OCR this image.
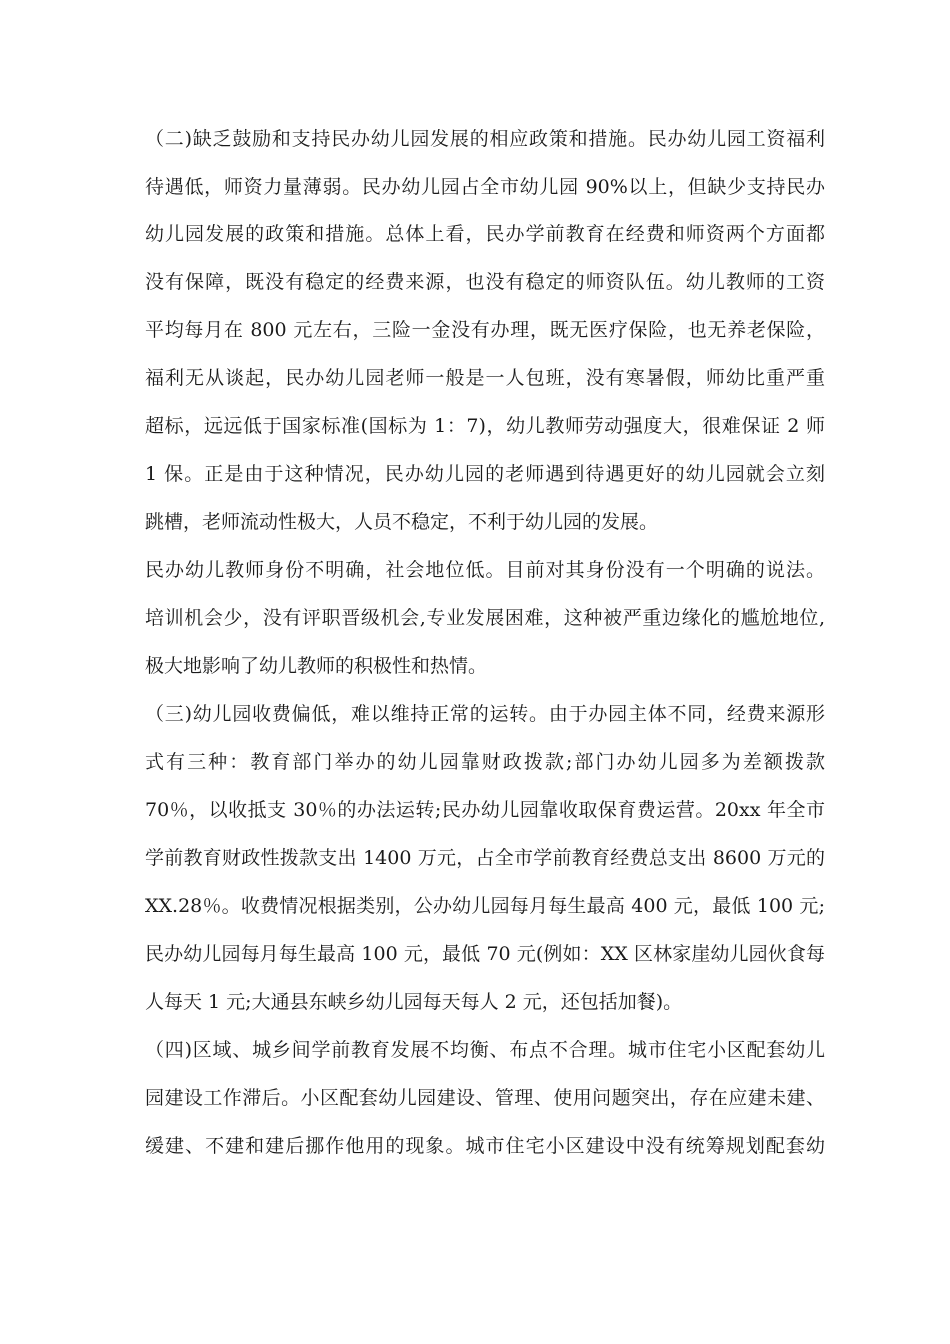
（二)缺乏鼓励和支持民办幼儿园发展的相应政策和措施。民办幼儿园工资福利
待遇低，师资力量薄弱。民办幼儿园占全市幼儿园 90%以上，但缺少支持民办
幼儿园发展的政策和措施。总体上看，民办学前教育在经费和师资两个方面都
没有保障，既没有稳定的经费来源，也没有稳定的师资队伍。幼儿教师的工资
平均每月在 800 元左右，三险一金没有办理，既无医疗保险，也无养老保险，
福利无从谈起，民办幼儿园老师一般是一人包班，没有寒暑假，师幼比重严重
超标，远远低于国家标准(国标为 1：7)，幼儿教师劳动强度大，很难保证 2 师
1 保。正是由于这种情况，民办幼儿园的老师遇到待遇更好的幼儿园就会立刻
跳槽，老师流动性极大，人员不稳定，不利于幼儿园的发展。
民办幼儿教师身份不明确，社会地位低。目前对其身份没有一个明确的说法。
培训机会少，没有评职晋级机会,专业发展困难，这种被严重边缘化的尴尬地位,
极大地影响了幼儿教师的积极性和热情。
（三)幼儿园收费偏低，难以维持正常的运转。由于办园主体不同，经费来源形
式有三种：教育部门举办的幼儿园靠财政拨款;部门办幼儿园多为差额拨款
70％，以收抵支 30％的办法运转;民办幼儿园靠收取保育费运营。20xx 年全市
学前教育财政性拨款支出 1400 万元，占全市学前教育经费总支出 8600 万元的
XX.28％。收费情况根据类别，公办幼儿园每月每生最高 400 元，最低 100 元;
民办幼儿园每月每生最高 100 元，最低 70 元(例如：XX 区林家崖幼儿园伙食每
人每天 1 元;大通县东峡乡幼儿园每天每人 2 元，还包括加餐)。
（四)区域、城乡间学前教育发展不均衡、布点不合理。城市住宅小区配套幼儿
园建设工作滞后。小区配套幼儿园建设、管理、使用问题突出，存在应建未建、
缓建、不建和建后挪作他用的现象。城市住宅小区建设中没有统筹规划配套幼
